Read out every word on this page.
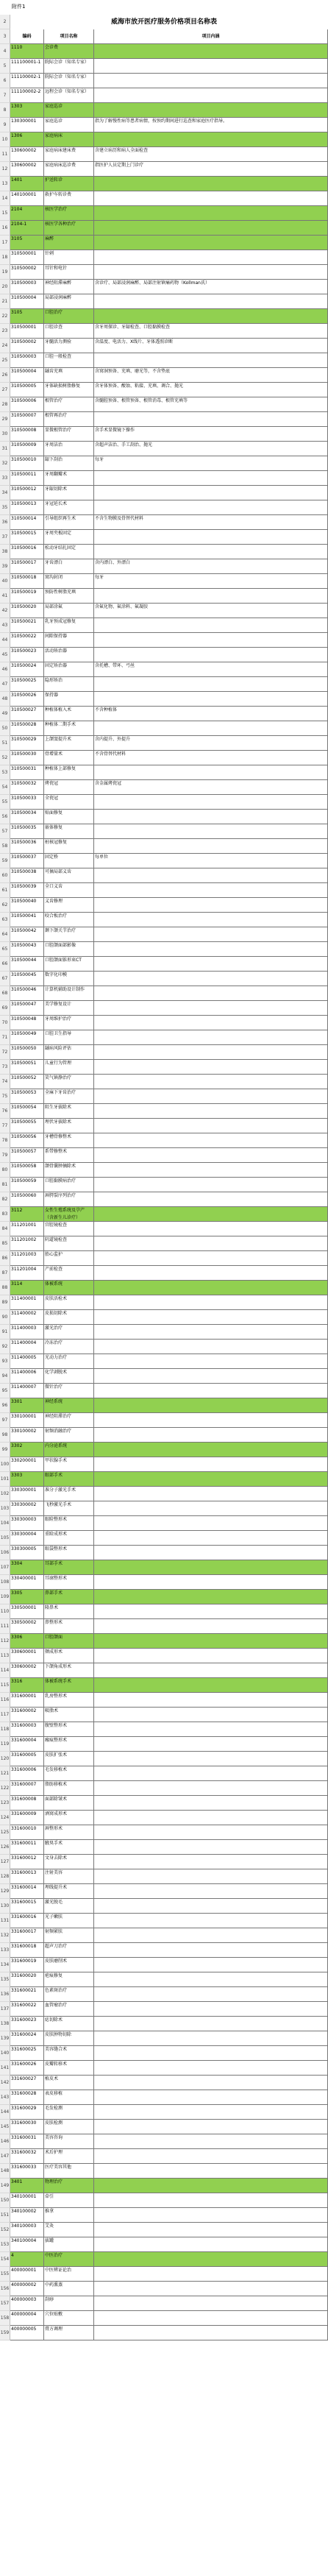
附件1
2	威海市放开医疗服务价格项目名称表
3	编码	项目名称	项目内涵
4
1110	会诊费
5
111100001-1 院际会诊（知名专家）
6
111100002-1 院际会诊（知名专家）
7
111100002-2 远程会诊（知名专家）
8
1303	家庭巡诊
9
130300001	家庭巡诊	指为了解慢性病等患者病情，按预约期间进行巡查和家庭医疗指导。
10
1306	家庭病床
11
130600002	家庭病床建床费	含建立病历和病人全面检查
12
130600002	家庭病床巡诊费	指医护人员定期上门诊疗
13
1401	护送转诊
14
140100001	救护车转诊费
15
2104	核医学治疗
16
2104-1	核医学各种治疗
17
3105	麻醉
18
310500001	针刺
19
310500002	耳针和电针
20
310500003	神经阻滞麻醉	含诊疗、局部浸润麻醉、局部注射镇痛药物（Kollman氏）
21
310500004	局部浸润麻醉
22
3105	口腔治疗
23
310500001	口腔诊查	含牙周探诊、牙龈检查、口腔黏膜检查
24
310500002	牙髓活力测验	含温度、电活力、X线片、牙体透照诊断
25
310500003	口腔一般检查
26
310500004	龋齿充填	含窝洞预备、充填、磨光等，不含垫底
27
310500005	牙体缺损树脂修复	含牙体预备、酸蚀、粘接、充填、调合、抛光
28
310500006	根管治疗	含髓腔预备、根管预备、根管消毒、根管充填等
29
310500007	根管再治疗
30
310500008	显微根管治疗	含手术显微镜下操作
31
310500009	牙周洁治	含超声洁治、手工刮治、抛光
32
310500010	龈下刮治	每牙
33
310500011	牙周翻瓣术
34
310500012	牙龈切除术
35
310500013	牙冠延长术
36
310500014	引导组织再生术	不含生物膜及骨替代材料
37
310500015	牙周夹板固定
38
310500016	松动牙结扎固定
39
310500017	牙齿漂白	含内漂白、外漂白
40
310500018	窝沟封闭	每牙
41
310500019	预防性树脂充填
42
310500020	局部涂氟	含氟化物、氟涂料、氟凝胶
43
310500021	乳牙预成冠修复
44
310500022	间隙保持器
45
310500023	活动矫治器
46
310500024	固定矫治器	含托槽、带环、弓丝
47
310500025	隐形矫治
48
310500026	保持器
49
310500027	种植体植入术	不含种植体
50
310500028	种植体二期手术
51
310500029	上颌窦提升术	含内提升、外提升
52
310500030	骨增量术	不含骨替代材料
53
310500031	种植体上部修复
54
310500032	烤瓷冠	含金属烤瓷冠
55
310500033	全瓷冠
56
310500034	贴面修复
57
310500035	嵌体修复
58
310500036	桩核冠修复
59
310500037	固定桥	每单位
60
310500038	可摘局部义齿
61
310500039	全口义齿
62
310500040	义齿修理
63
310500041	咬合板治疗
64
310500042	颞下颌关节治疗
65
310500043	口腔颌面部影像
66
310500044	口腔颌面锥形束CT
67
310500045	数字化印模
68
310500046	计算机辅助设计制作
69
310500047	美学修复设计
70
310500048	牙周维护治疗
71
310500049	口腔卫生指导
72
310500050	龋病风险评估
73
310500051	儿童行为管理
74
310500052	笑气镇静治疗
75
310500053	全麻下牙齿治疗
76
310500054	阻生牙拔除术
77
310500055	埋伏牙拔除术
78
310500056	牙槽骨修整术
79
310500057	系带修整术
80
310500058	颌骨囊肿摘除术
81
310500059	口腔黏膜病治疗
82
310500060	唇腭裂序列治疗
83
3112	女性生殖系统及孕产（含新生儿诊疗）
84
311201001	宫腔镜检查
85
311201002	阴道镜检查
86
311201003	胎心监护
87
311201004	产前检查
88
3114	体被系统
89
311400001	皮肤活检术
90
311400002	皮损切除术
91
311400003	激光治疗
92
311400004	冷冻治疗
93
311400005	光动力治疗
94
311400006	化学剥脱术
95
311400007	微针治疗
96
3301	神经系统
97
330100001	神经阻滞治疗
98
330100002	射频消融治疗
99
3302	内分泌系统
100
330200001	甲状腺手术
101
3303	眼部手术
102
330300001	准分子激光手术
103
330300002	飞秒激光手术
104
330300003	眼睑整形术
105
330300004	重睑成形术
106
330300005	眼袋整形术
107
3304	耳部手术
108
330400001	耳廓整形术
109
3305	鼻部手术
110
330500001	隆鼻术
111
330500002	鼻整形术
112
3306	口腔颌面
113
330600001	颏成形术
114
330600002	下颌角成形术
115
3316	体被系统手术
116
331600001	乳房整形术
117
331600002	吸脂术
118
331600003	腹壁整形术
119
331600004	瘢痕整形术
120
331600005	皮肤扩张术
121
331600006	毛发移植术
122
331600007	脂肪移植术
123
331600008	面部除皱术
124
331600009	酒窝成形术
125
331600010	唇整形术
126
331600011	腋臭手术
127
331600012	文身去除术
128
331600013	注射美容
129
331600014	埋线提升术
130
331600015	激光脱毛
131
331600016	光子嫩肤
132
331600017	射频紧肤
133
331600018	超声刀治疗
134
331600019	皮肤磨削术
135
331600020	疤痕修复
136
331600021	色素斑治疗
137
331600022	血管瘤治疗
138
331600023	痣切除术
139
331600024	皮肤肿物切除
140
331600025	美容缝合术
141
331600026	皮瓣转移术
142
331600027	植皮术
143
331600028	表皮移植
144
331600029	毛发检测
145
331600030	皮肤检测
146
331600031	美容咨询
147
331600032	术后护理
148
331600033	医疗美容其他
149
3401	物理治疗
150
340100001	牵引
151
340100002	推拿
152
340100003	艾灸
153
340100004	拔罐
154
4	中医治疗
155
400000001	中医辨证论治
156
400000002	中药熏蒸
157
400000003	刮痧
158
400000004	穴位贴敷
159
400000005	膏方调理
